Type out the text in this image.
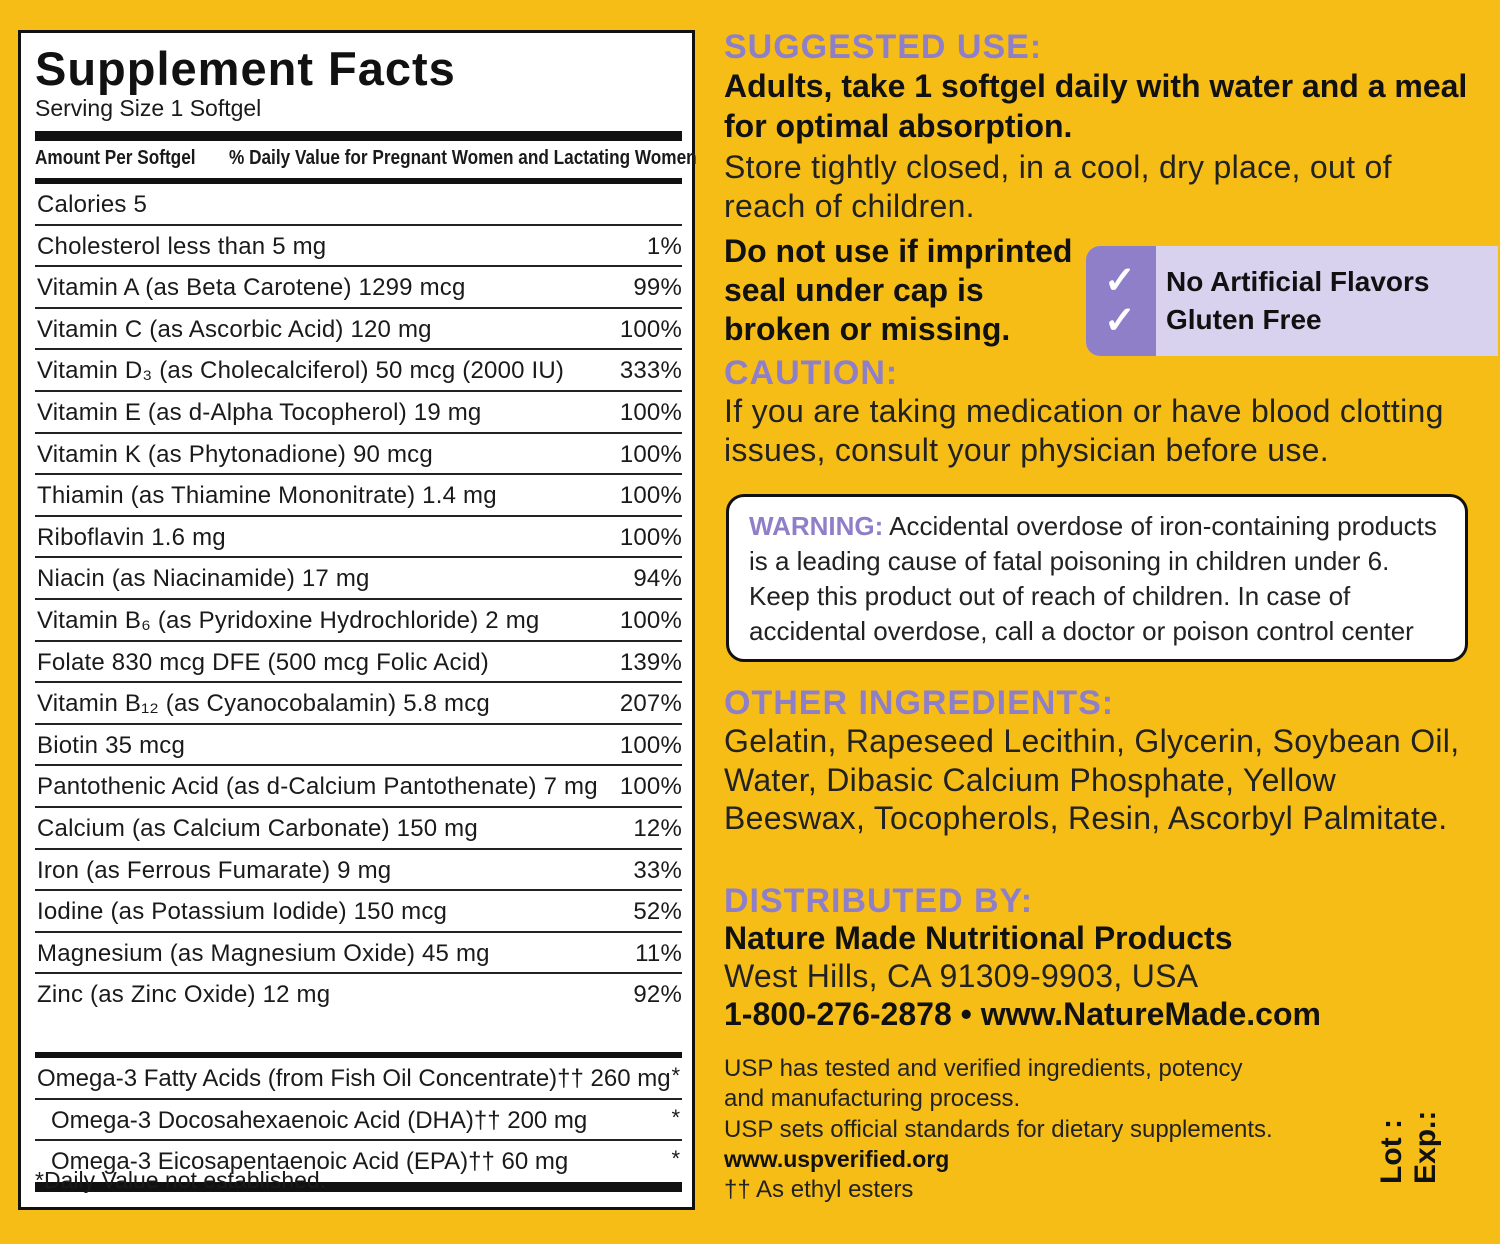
Supplement Facts
Serving Size 1 Softgel
Amount Per Softgel % Daily Value for Pregnant Women and Lactating Women
Calories 5
Cholesterol less than 5 mg	1%
Vitamin A (as Beta Carotene) 1299 mcg	99%
Vitamin C (as Ascorbic Acid) 120 mg	100%
Vitamin D₃ (as Cholecalciferol) 50 mcg (2000 IU) 333%
Vitamin E (as d-Alpha Tocopherol) 19 mg	100%
Vitamin K (as Phytonadione) 90 mcg	100%
Thiamin (as Thiamine Mononitrate) 1.4 mg	100%
Riboflavin 1.6 mg	100%
Niacin (as Niacinamide) 17 mg	94%
Vitamin B₆ (as Pyridoxine Hydrochloride) 2 mg	100%
Folate 830 mcg DFE (500 mcg Folic Acid)	139%
Vitamin B₁₂ (as Cyanocobalamin) 5.8 mcg	207%
Biotin 35 mcg	100%
Pantothenic Acid (as d-Calcium Pantothenate) 7 mg 100%
Calcium (as Calcium Carbonate) 150 mg	12%
Iron (as Ferrous Fumarate) 9 mg	33%
Iodine (as Potassium Iodide) 150 mcg	52%
Magnesium (as Magnesium Oxide) 45 mg	11%
Zinc (as Zinc Oxide) 12 mg	92%
Omega-3 Fatty Acids (from Fish Oil Concentrate)†† 260 mg *
Omega-3 Docosahexaenoic Acid (DHA)†† 200 mg	*
Omega-3 Eicosapentaenoic Acid (EPA)†† 60 mg	*
*Daily Value not established.
SUGGESTED USE:
Adults, take 1 softgel daily with water and a meal for optimal absorption.
Store tightly closed, in a cool, dry place, out of reach of children.
Do not use if imprinted seal under cap is broken or missing.
✓
✓
No Artificial Flavors
Gluten Free
CAUTION:
If you are taking medication or have blood clotting issues, consult your physician before use.
WARNING: Accidental overdose of iron-containing products is a leading cause of fatal poisoning in children under 6. Keep this product out of reach of children. In case of accidental overdose, call a doctor or poison control center
OTHER INGREDIENTS:
Gelatin, Rapeseed Lecithin, Glycerin, Soybean Oil, Water, Dibasic Calcium Phosphate, Yellow Beeswax, Tocopherols, Resin, Ascorbyl Palmitate.
DISTRIBUTED BY:
Nature Made Nutritional Products
West Hills, CA 91309-9903, USA
1-800-276-2878 • www.NatureMade.com
USP has tested and verified ingredients, potency and manufacturing process.
USP sets official standards for dietary supplements.
www.uspverified.org
†† As ethyl esters
Lot : Exp.:
